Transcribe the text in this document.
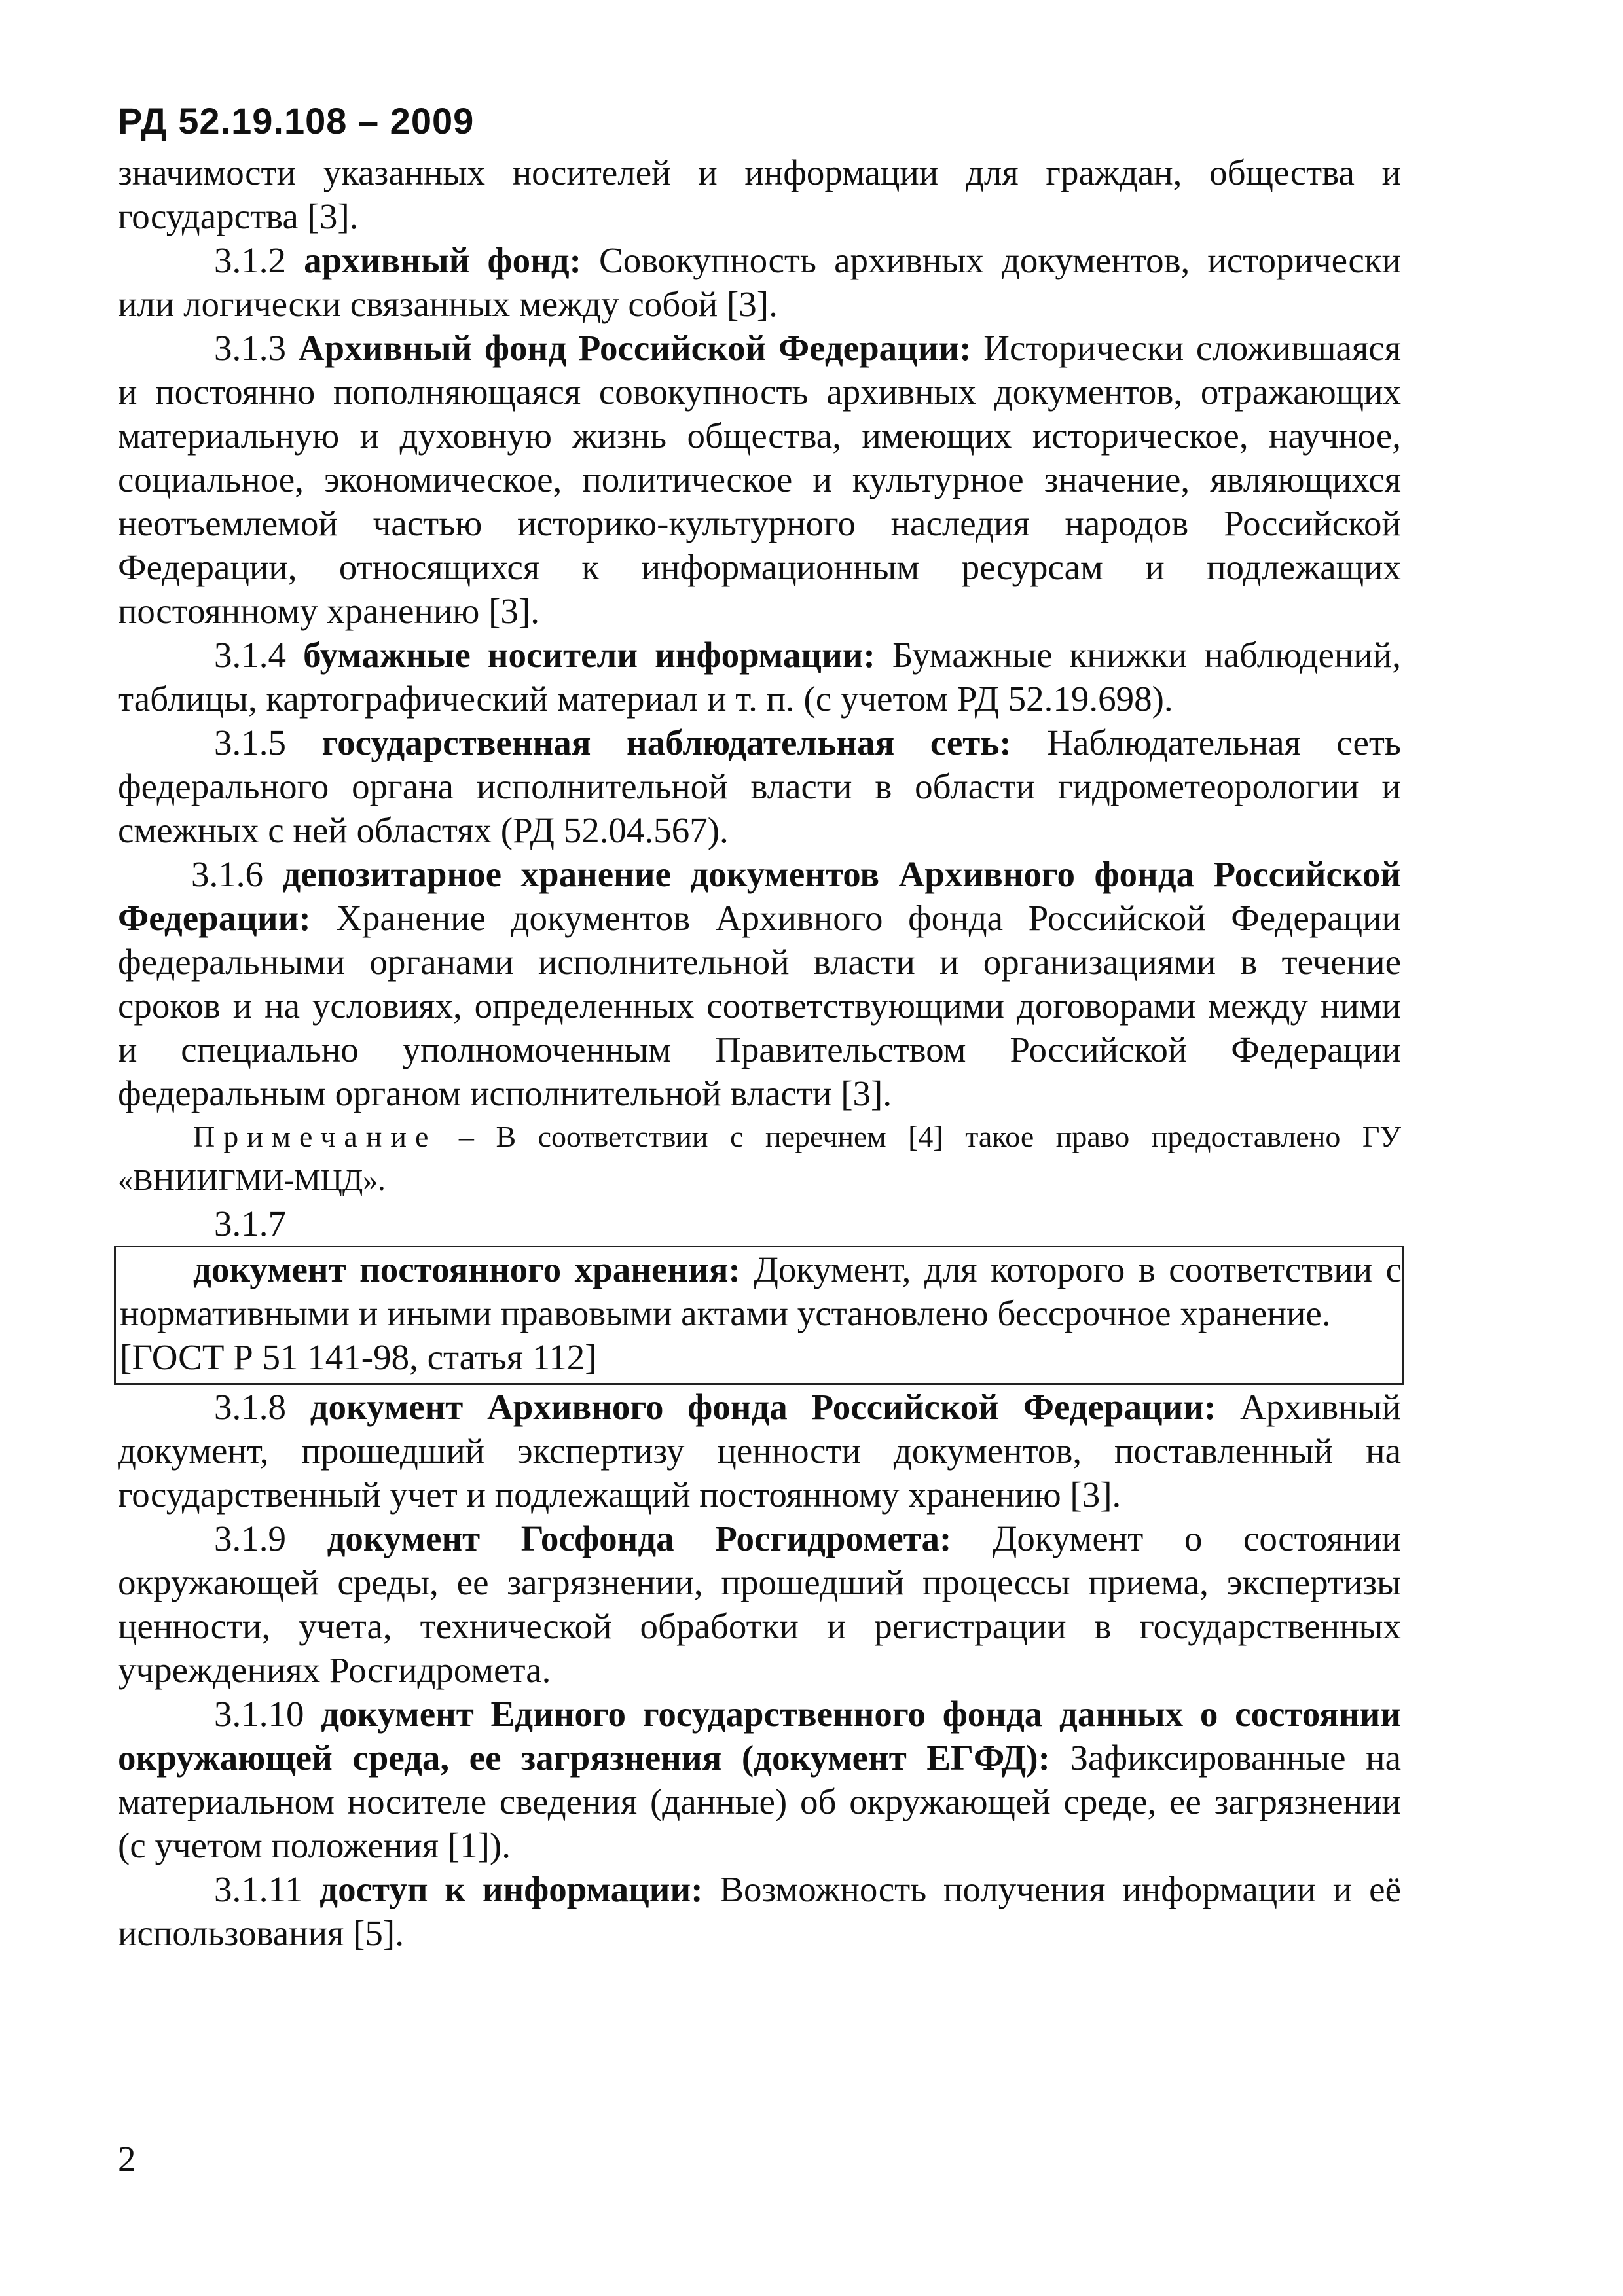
РД 52.19.108 – 2009

значимости указанных носителей и информации для граждан, общества и государства [3].

3.1.2 архивный фонд: Совокупность архивных документов, исторически или логически связанных между собой [3].

3.1.3 Архивный фонд Российской Федерации: Исторически сложившаяся и постоянно пополняющаяся совокупность архивных документов, отражающих материальную и духовную жизнь общества, имеющих историческое, научное, социальное, экономическое, политическое и культурное значение, являющихся неотъемлемой частью историко-культурного наследия народов Российской Федерации, относящихся к информационным ресурсам и подлежащих постоянному хранению [3].

3.1.4 бумажные носители информации: Бумажные книжки наблюдений, таблицы, картографический материал и т. п. (с учетом РД 52.19.698).

3.1.5 государственная наблюдательная сеть: Наблюдательная сеть федерального органа исполнительной власти в области гидрометеорологии и смежных с ней областях (РД 52.04.567).

3.1.6 депозитарное хранение документов Архивного фонда Российской Федерации: Хранение документов Архивного фонда Российской Федерации федеральными органами исполнительной власти и организациями в течение сроков и на условиях, определенных соответствующими договорами между ними и специально уполномоченным Правительством Российской Федерации федеральным органом исполнительной власти [3].

Примечание – В соответствии с перечнем [4] такое право предоставлено ГУ «ВНИИГМИ-МЦД».

3.1.7

документ постоянного хранения: Документ, для которого в соответствии с нормативными и иными правовыми актами установлено бессрочное хранение.

[ГОСТ Р 51 141-98, статья 112]

3.1.8 документ Архивного фонда Российской Федерации: Архивный документ, прошедший экспертизу ценности документов, поставленный на государственный учет и подлежащий постоянному хранению [3].

3.1.9 документ Госфонда Росгидромета: Документ о состоянии окружающей среды, ее загрязнении, прошедший процессы приема, экспертизы ценности, учета, технической обработки и регистрации в государственных учреждениях Росгидромета.

3.1.10 документ Единого государственного фонда данных о состоянии окружающей среда, ее загрязнения (документ ЕГФД): Зафиксированные на материальном носителе сведения (данные) об окружающей среде, ее загрязнении (с учетом положения [1]).

3.1.11 доступ к информации: Возможность получения информации и её использования [5].

2
